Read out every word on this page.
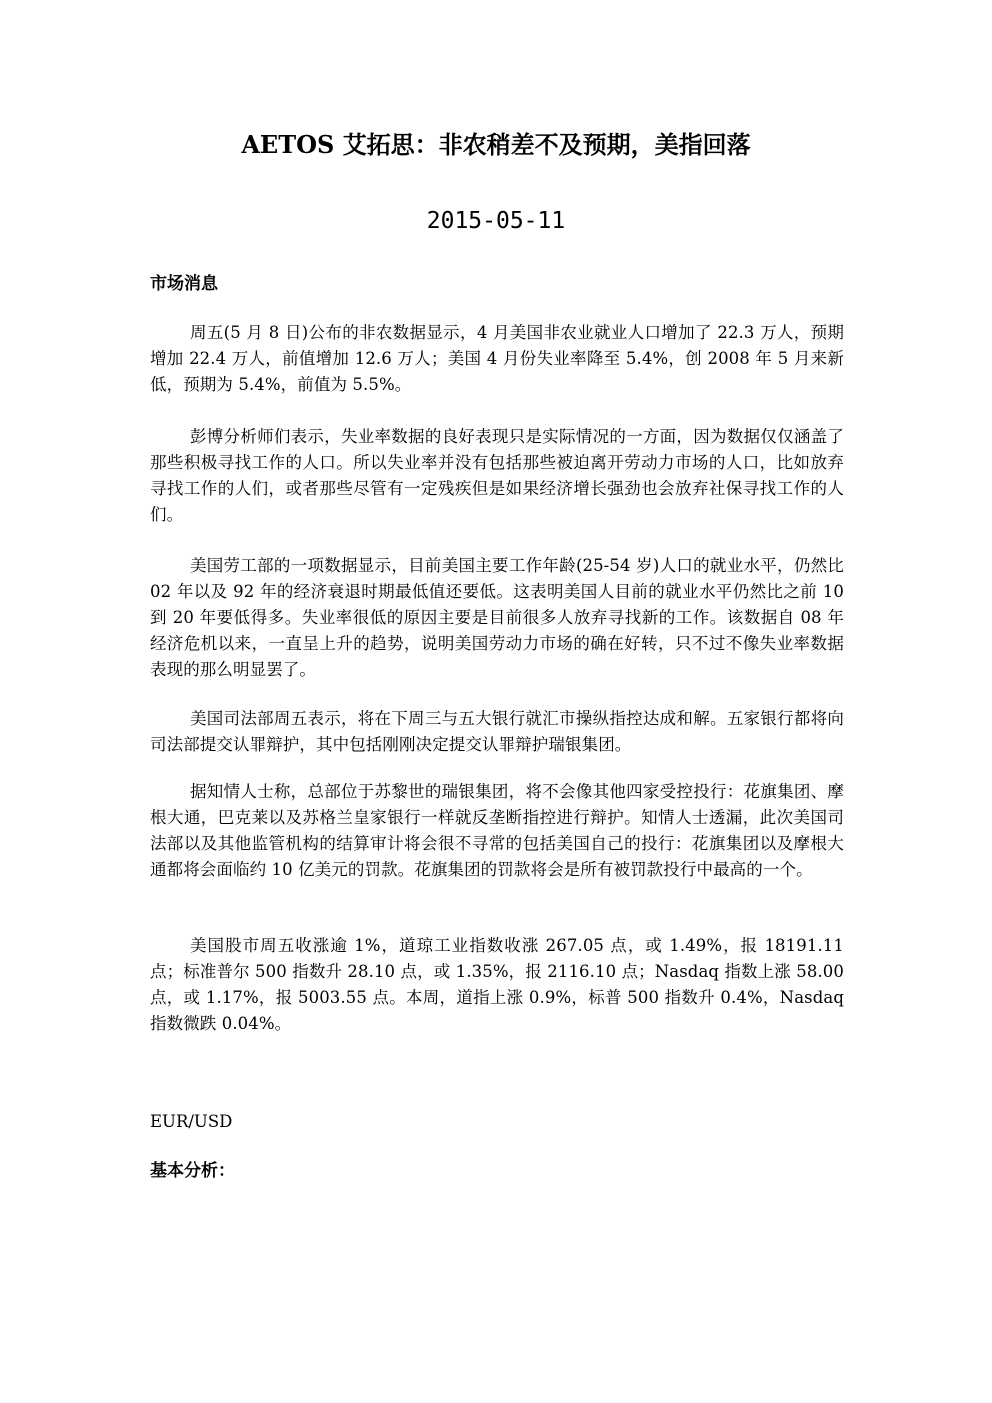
AETOS 艾拓思：非农稍差不及预期，美指回落
2015-05-11
市场消息
周五(5 月 8 日)公布的非农数据显示，4 月美国非农业就业人口增加了 22.3 万人，预期增加 22.4 万人，前值增加 12.6 万人；美国 4 月份失业率降至 5.4%，创 2008 年 5 月来新低，预期为 5.4%，前值为 5.5%。
彭博分析师们表示，失业率数据的良好表现只是实际情况的一方面，因为数据仅仅涵盖了那些积极寻找工作的人口。所以失业率并没有包括那些被迫离开劳动力市场的人口，比如放弃寻找工作的人们，或者那些尽管有一定残疾但是如果经济增长强劲也会放弃社保寻找工作的人们。
美国劳工部的一项数据显示，目前美国主要工作年龄(25-54 岁)人口的就业水平，仍然比 02 年以及 92 年的经济衰退时期最低值还要低。这表明美国人目前的就业水平仍然比之前 10 到 20 年要低得多。失业率很低的原因主要是目前很多人放弃寻找新的工作。该数据自 08 年经济危机以来，一直呈上升的趋势，说明美国劳动力市场的确在好转，只不过不像失业率数据表现的那么明显罢了。
美国司法部周五表示，将在下周三与五大银行就汇市操纵指控达成和解。五家银行都将向司法部提交认罪辩护，其中包括刚刚决定提交认罪辩护瑞银集团。
据知情人士称，总部位于苏黎世的瑞银集团，将不会像其他四家受控投行：花旗集团、摩根大通，巴克莱以及苏格兰皇家银行一样就反垄断指控进行辩护。知情人士透漏，此次美国司法部以及其他监管机构的结算审计将会很不寻常的包括美国自己的投行：花旗集团以及摩根大通都将会面临约 10 亿美元的罚款。花旗集团的罚款将会是所有被罚款投行中最高的一个。
美国股市周五收涨逾 1%，道琼工业指数收涨 267.05 点，或 1.49%，报 18191.11 点；标准普尔 500 指数升 28.10 点，或 1.35%，报 2116.10 点；Nasdaq 指数上涨 58.00 点，或 1.17%，报 5003.55 点。本周，道指上涨 0.9%，标普 500 指数升 0.4%，Nasdaq 指数微跌 0.04%。
EUR/USD
基本分析：
